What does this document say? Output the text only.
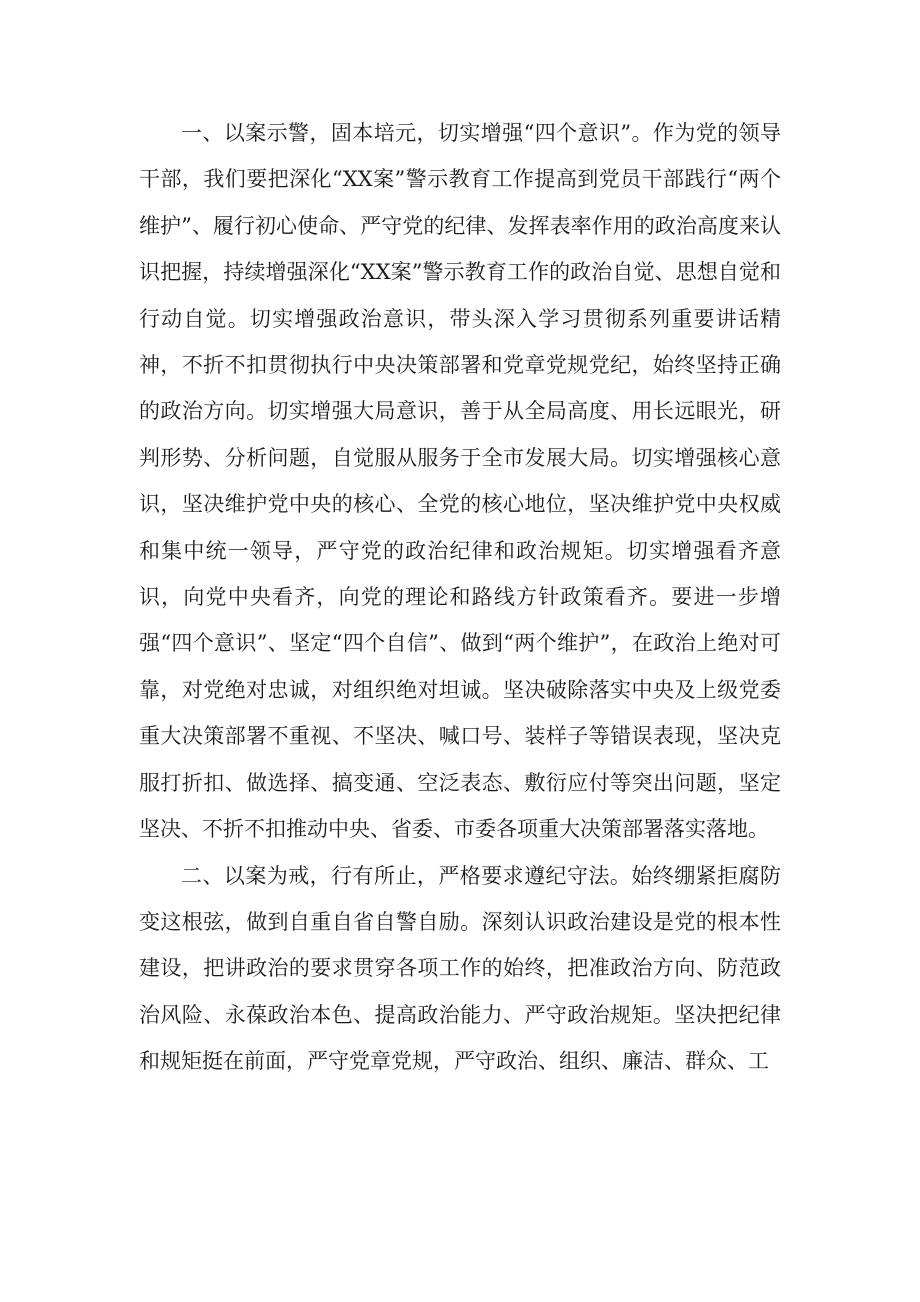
一、以案示警，固本培元，切实增强“四个意识”。作为党的领导干部，我们要把深化“XX案”警示教育工作提高到党员干部践行“两个维护”、履行初心使命、严守党的纪律、发挥表率作用的政治高度来认识把握，持续增强深化“XX案”警示教育工作的政治自觉、思想自觉和行动自觉。切实增强政治意识，带头深入学习贯彻系列重要讲话精神，不折不扣贯彻执行中央决策部署和党章党规党纪，始终坚持正确的政治方向。切实增强大局意识，善于从全局高度、用长远眼光，研判形势、分析问题，自觉服从服务于全市发展大局。切实增强核心意识，坚决维护党中央的核心、全党的核心地位，坚决维护党中央权威和集中统一领导，严守党的政治纪律和政治规矩。切实增强看齐意识，向党中央看齐，向党的理论和路线方针政策看齐。要进一步增强“四个意识”、坚定“四个自信”、做到“两个维护”，在政治上绝对可靠，对党绝对忠诚，对组织绝对坦诚。坚决破除落实中央及上级党委重大决策部署不重视、不坚决、喊口号、装样子等错误表现，坚决克服打折扣、做选择、搞变通、空泛表态、敷衍应付等突出问题，坚定坚决、不折不扣推动中央、省委、市委各项重大决策部署落实落地。

二、以案为戒，行有所止，严格要求遵纪守法。始终绷紧拒腐防变这根弦，做到自重自省自警自励。深刻认识政治建设是党的根本性建设，把讲政治的要求贯穿各项工作的始终，把准政治方向、防范政治风险、永葆政治本色、提高政治能力、严守政治规矩。坚决把纪律和规矩挺在前面，严守党章党规，严守政治、组织、廉洁、群众、工
